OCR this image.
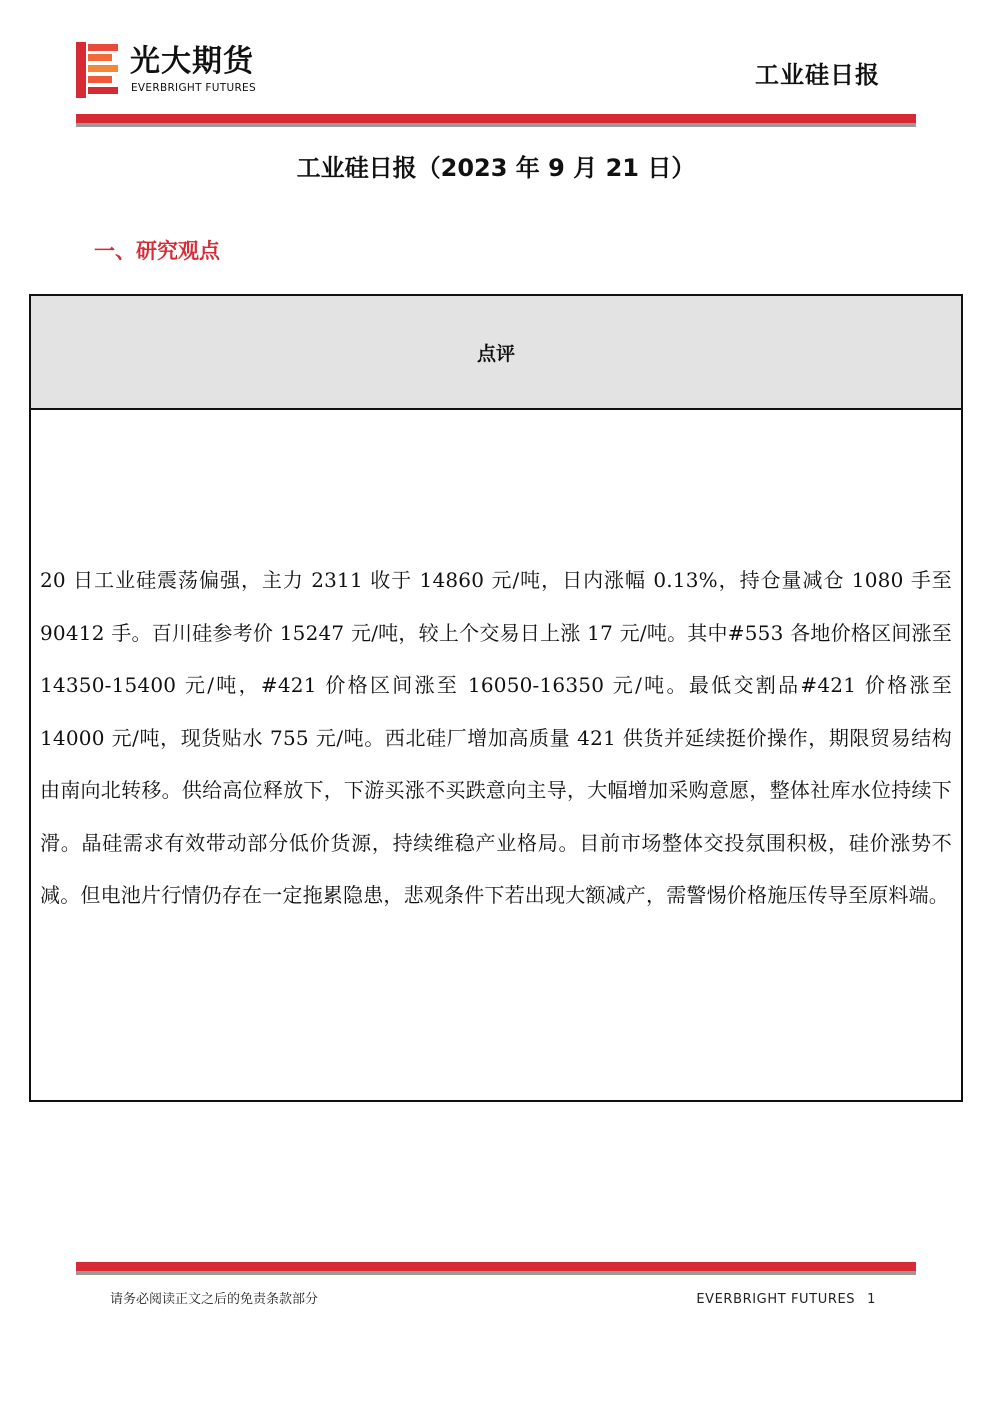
光大期货
EVERBRIGHT FUTURES	工业硅日报
工业硅日报（2023 年 9 月 21 日）
一、研究观点
点评
20 日工业硅震荡偏强，主力 2311 收于 14860 元/吨，日内涨幅 0.13%，持仓量减仓 1080 手至 90412 手。百川硅参考价 15247 元/吨，较上个交易日上涨 17 元/吨。其中#553 各地价格区间涨至 14350-15400 元/吨，#421 价格区间涨至 16050-16350 元/吨。最低交割品#421 价格涨至 14000 元/吨，现货贴水 755 元/吨。西北硅厂增加高质量 421 供货并延续挺价操作，期限贸易结构由南向北转移。供给高位释放下，下游买涨不买跌意向主导，大幅增加采购意愿，整体社库水位持续下滑。晶硅需求有效带动部分低价货源，持续维稳产业格局。目前市场整体交投氛围积极，硅价涨势不减。但电池片行情仍存在一定拖累隐患，悲观条件下若出现大额减产，需警惕价格施压传导至原料端。
请务必阅读正文之后的免责条款部分	EVERBRIGHT FUTURES 1
